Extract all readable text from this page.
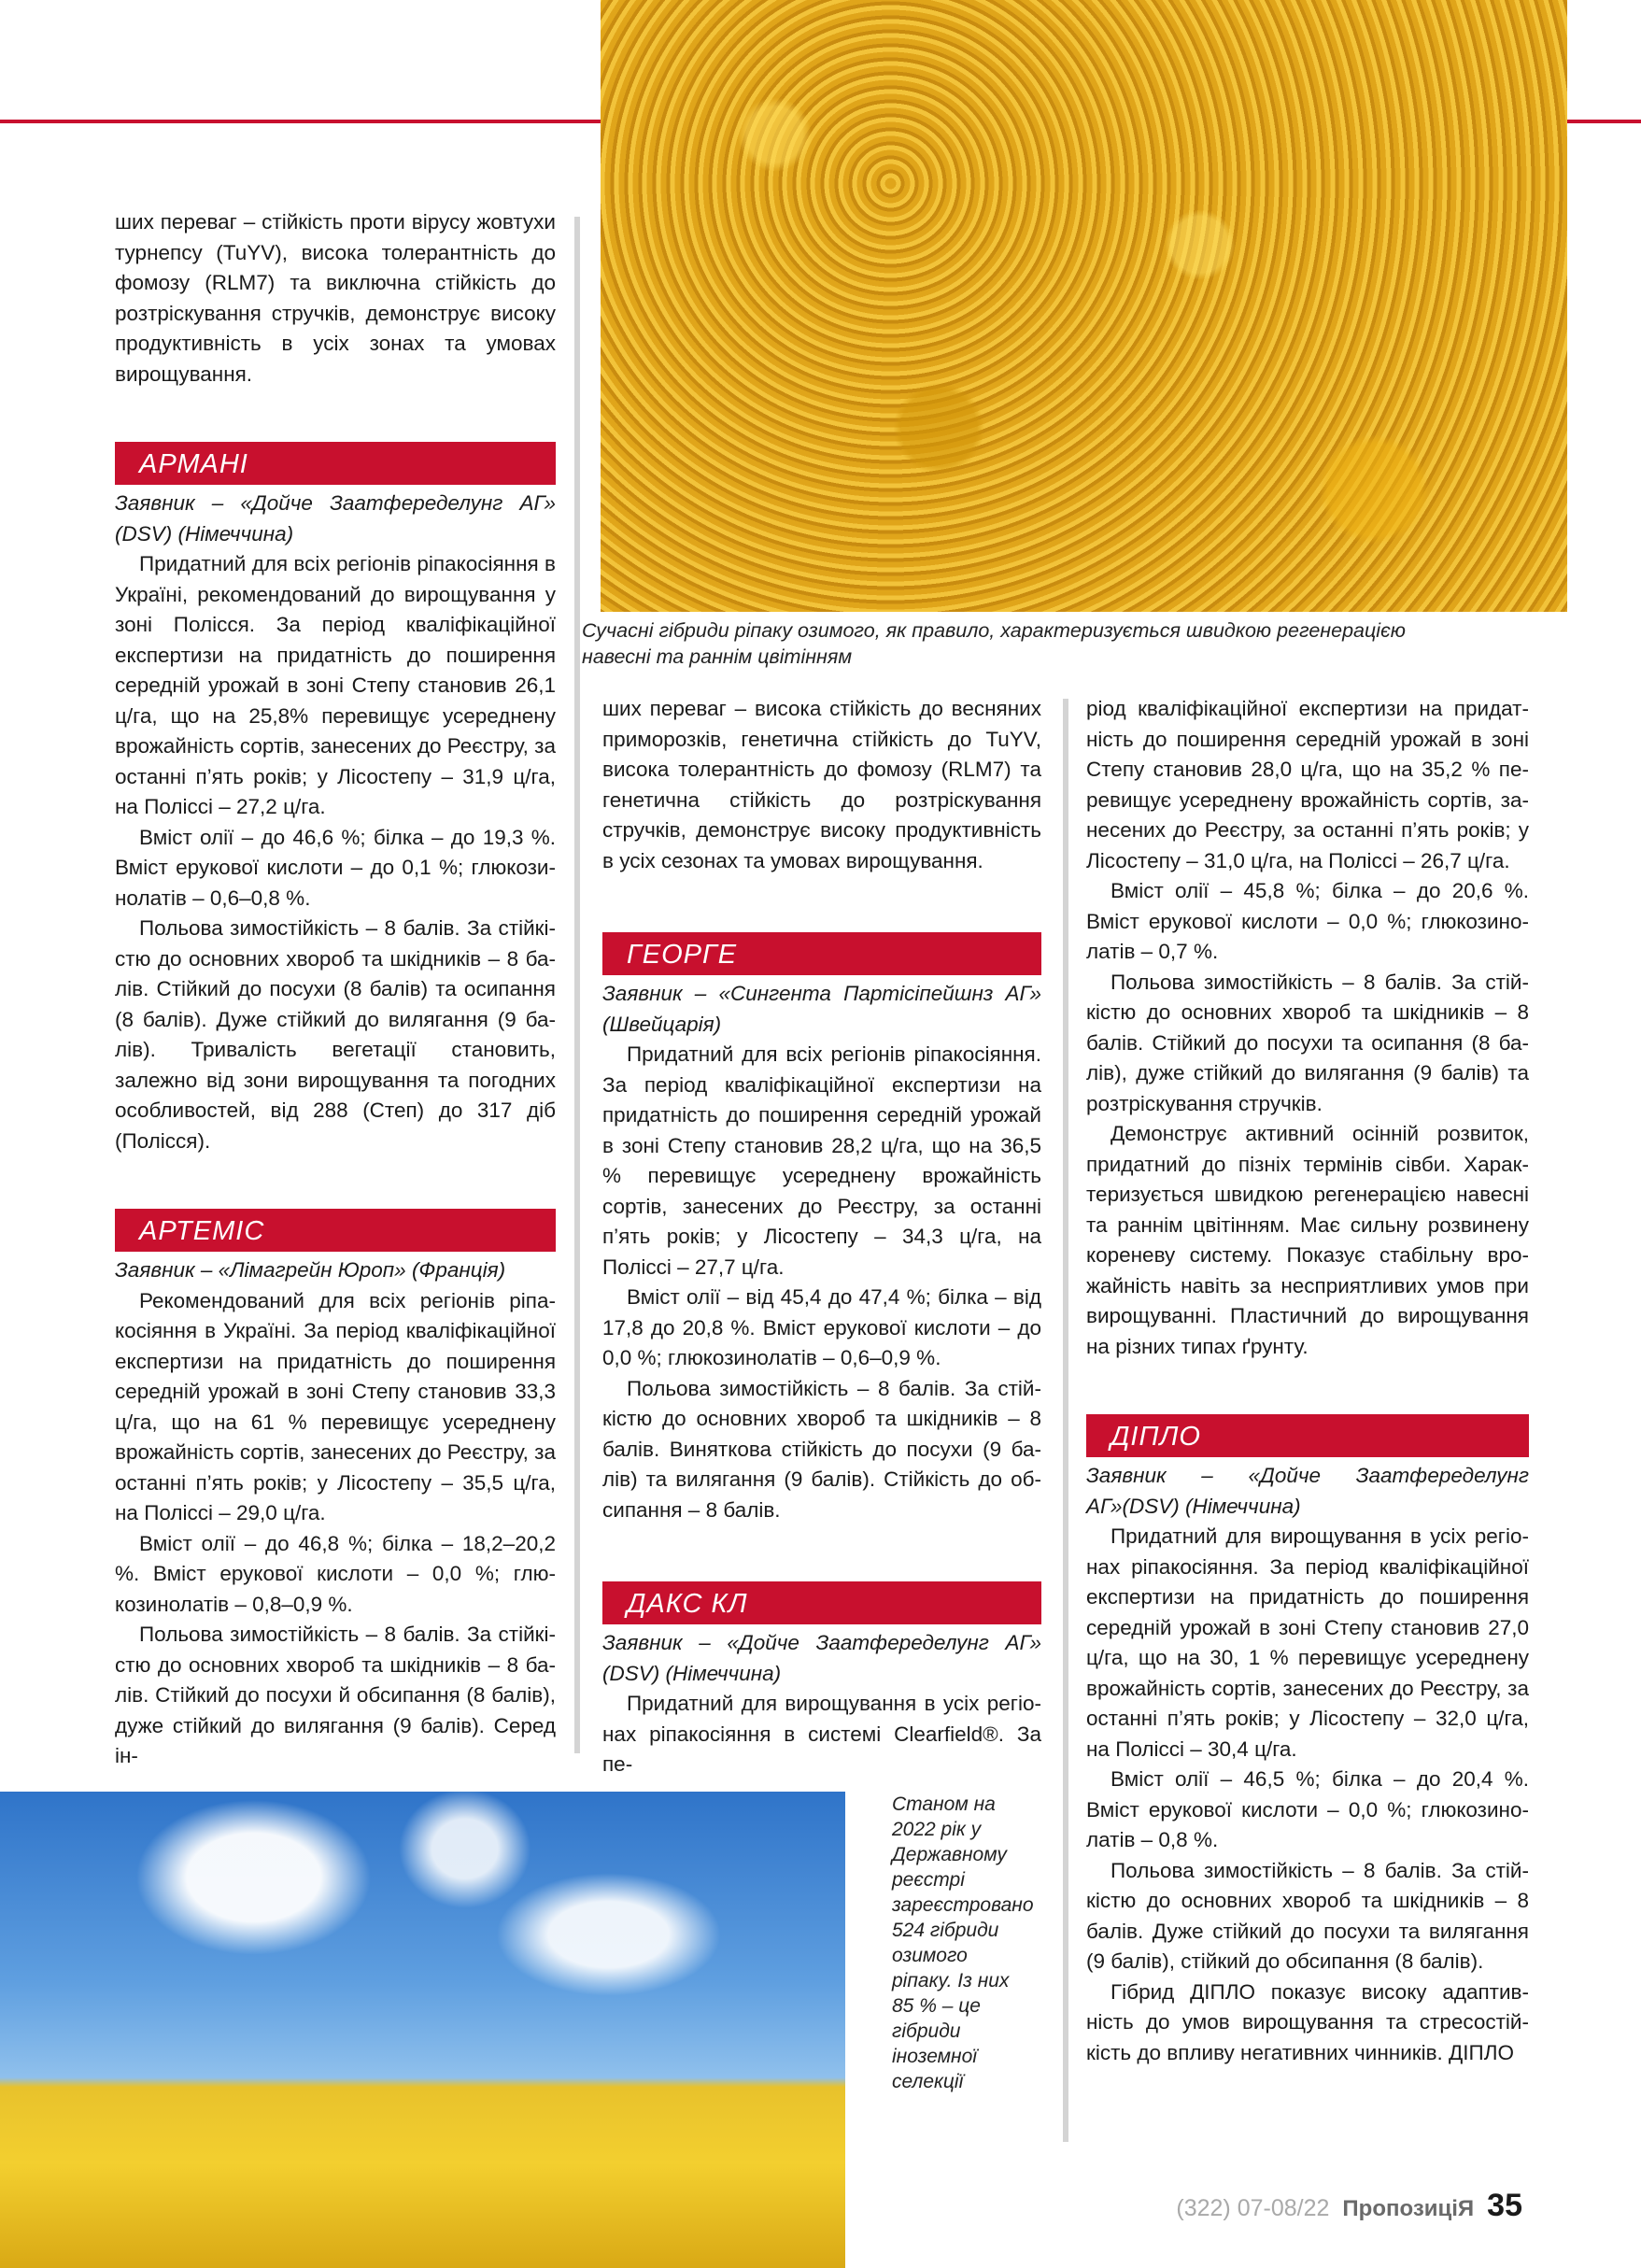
Сучасні гібриди ріпаку озимого, як правило, характеризується швидкою регенерацією навесні та раннім цвітінням

ших переваг – стійкість проти вірусу жовтухи турнепсу (TuYV), висока толерантність до фомозу (RLM7) та виключна стійкість до розтріскування стручків, демонструє високу продуктивність в усіх зонах та умовах вирощування.

АРМАНІ

Заявник – «Дойче Заатфеределунг АГ» (DSV) (Німеччина)

Придатний для всіх регіонів ріпакосіяння в Україні, рекомендований до вирощування у зоні Полісся. За період кваліфікаційної експертизи на придатність до поширення середній урожай в зоні Степу становив 26,1 ц/га, що на 25,8% перевищує усереднену врожайність сортів, занесених до Реєстру, за останні п’ять років; у Лісостепу – 31,9 ц/га, на Поліссі – 27,2 ц/га.

Вміст олії – до 46,6 %; білка – до 19,3 %. Вміст ерукової кислоти – до 0,1 %; глюкозинолатів – 0,6–0,8 %.

Польова зимостійкість – 8 балів. За стійкістю до основних хвороб та шкідників – 8 балів. Стійкий до посухи (8 балів) та осипання (8 балів). Дуже стійкий до вилягання (9 балів). Тривалість вегетації становить, залежно від зони вирощування та погодних особливостей, від 288 (Степ) до 317 діб (Полісся).

АРТЕМІС

Заявник – «Лімагрейн Юроп» (Франція)

Рекомендований для всіх регіонів ріпакосіяння в Україні. За період кваліфікаційної експертизи на придатність до поширення середній урожай в зоні Степу становив 33,3 ц/га, що на 61 % перевищує усереднену врожайність сортів, занесених до Реєстру, за останні п’ять років; у Лісостепу – 35,5 ц/га, на Поліссі – 29,0 ц/га.

Вміст олії – до 46,8 %; білка – 18,2–20,2 %. Вміст ерукової кислоти – 0,0 %; глюкозинолатів – 0,8–0,9 %.

Польова зимостійкість – 8 балів. За стійкістю до основних хвороб та шкідників – 8 балів. Стійкий до посухи й обсипання (8 балів), дуже стійкий до вилягання (9 балів). Серед ін-

ших переваг – висока стійкість до весняних приморозків, генетична стійкість до TuYV, висока толерантність до фомозу (RLM7) та генетична стійкість до розтріскування стручків, демонструє високу продуктивність в усіх сезонах та умовах вирощування.

ГЕОРГЕ

Заявник – «Сингента Партісіпейшнз АГ» (Швейцарія)

Придатний для всіх регіонів ріпакосіяння. За період кваліфікаційної експертизи на придатність до поширення середній урожай в зоні Степу становив 28,2 ц/га, що на 36,5 % перевищує усереднену врожайність сортів, занесених до Реєстру, за останні п’ять років; у Лісостепу – 34,3 ц/га, на Поліссі – 27,7 ц/га.

Вміст олії – від 45,4 до 47,4 %; білка – від 17,8 до 20,8 %. Вміст ерукової кислоти – до 0,0 %; глюкозинолатів – 0,6–0,9 %.

Польова зимостійкість – 8 балів. За стійкістю до основних хвороб та шкідників – 8 балів. Виняткова стійкість до посухи (9 балів) та вилягання (9 балів). Стійкість до обсипання – 8 балів.

ДАКС КЛ

Заявник – «Дойче Заатфеределунг АГ» (DSV) (Німеччина)

Придатний для вирощування в усіх регіонах ріпакосіяння в системі Clearfield®. За пе-

Станом на 2022 рік у Державному реєстрі зареєстровано 524 гібриди озимого ріпаку. Із них 85 % – це гібриди іноземної селекції

ріод кваліфікаційної експертизи на придатність до поширення середній урожай в зоні Степу становив 28,0 ц/га, що на 35,2 % перевищує усереднену врожайність сортів, занесених до Реєстру, за останні п’ять років; у Лісостепу – 31,0 ц/га, на Поліссі – 26,7 ц/га.

Вміст олії – 45,8 %; білка – до 20,6 %. Вміст ерукової кислоти – 0,0 %; глюкозинолатів – 0,7 %.

Польова зимостійкість – 8 балів. За стійкістю до основних хвороб та шкідників – 8 балів. Стійкий до посухи та осипання (8 балів), дуже стійкий до вилягання (9 балів) та розтріскування стручків.

Демонструє активний осінній розвиток, придатний до пізніх термінів сівби. Характеризується швидкою регенерацією навесні та раннім цвітінням. Має сильну розвинену кореневу систему. Показує стабільну врожайність навіть за несприятливих умов при вирощуванні. Пластичний до вирощування на різних типах ґрунту.

ДІПЛО

Заявник – «Дойче Заатфеределунг АГ»(DSV) (Німеччина)

Придатний для вирощування в усіх регіонах ріпакосіяння. За період кваліфікаційної експертизи на придатність до поширення середній урожай в зоні Степу становив 27,0 ц/га, що на 30, 1 % перевищує усереднену врожайність сортів, занесених до Реєстру, за останні п’ять років; у Лісостепу – 32,0 ц/га, на Поліссі – 30,4 ц/га.

Вміст олії – 46,5 %; білка – до 20,4 %. Вміст ерукової кислоти – 0,0 %; глюкозинолатів – 0,8 %.

Польова зимостійкість – 8 балів. За стійкістю до основних хвороб та шкідників – 8 балів. Дуже стійкий до посухи та вилягання (9 балів), стійкий до обсипання (8 балів).

Гібрид ДІПЛО показує високу адаптивність до умов вирощування та стресостійкість до впливу негативних чинників. ДІПЛО

(322) 07-08/22 ПропозиціЯ 35
